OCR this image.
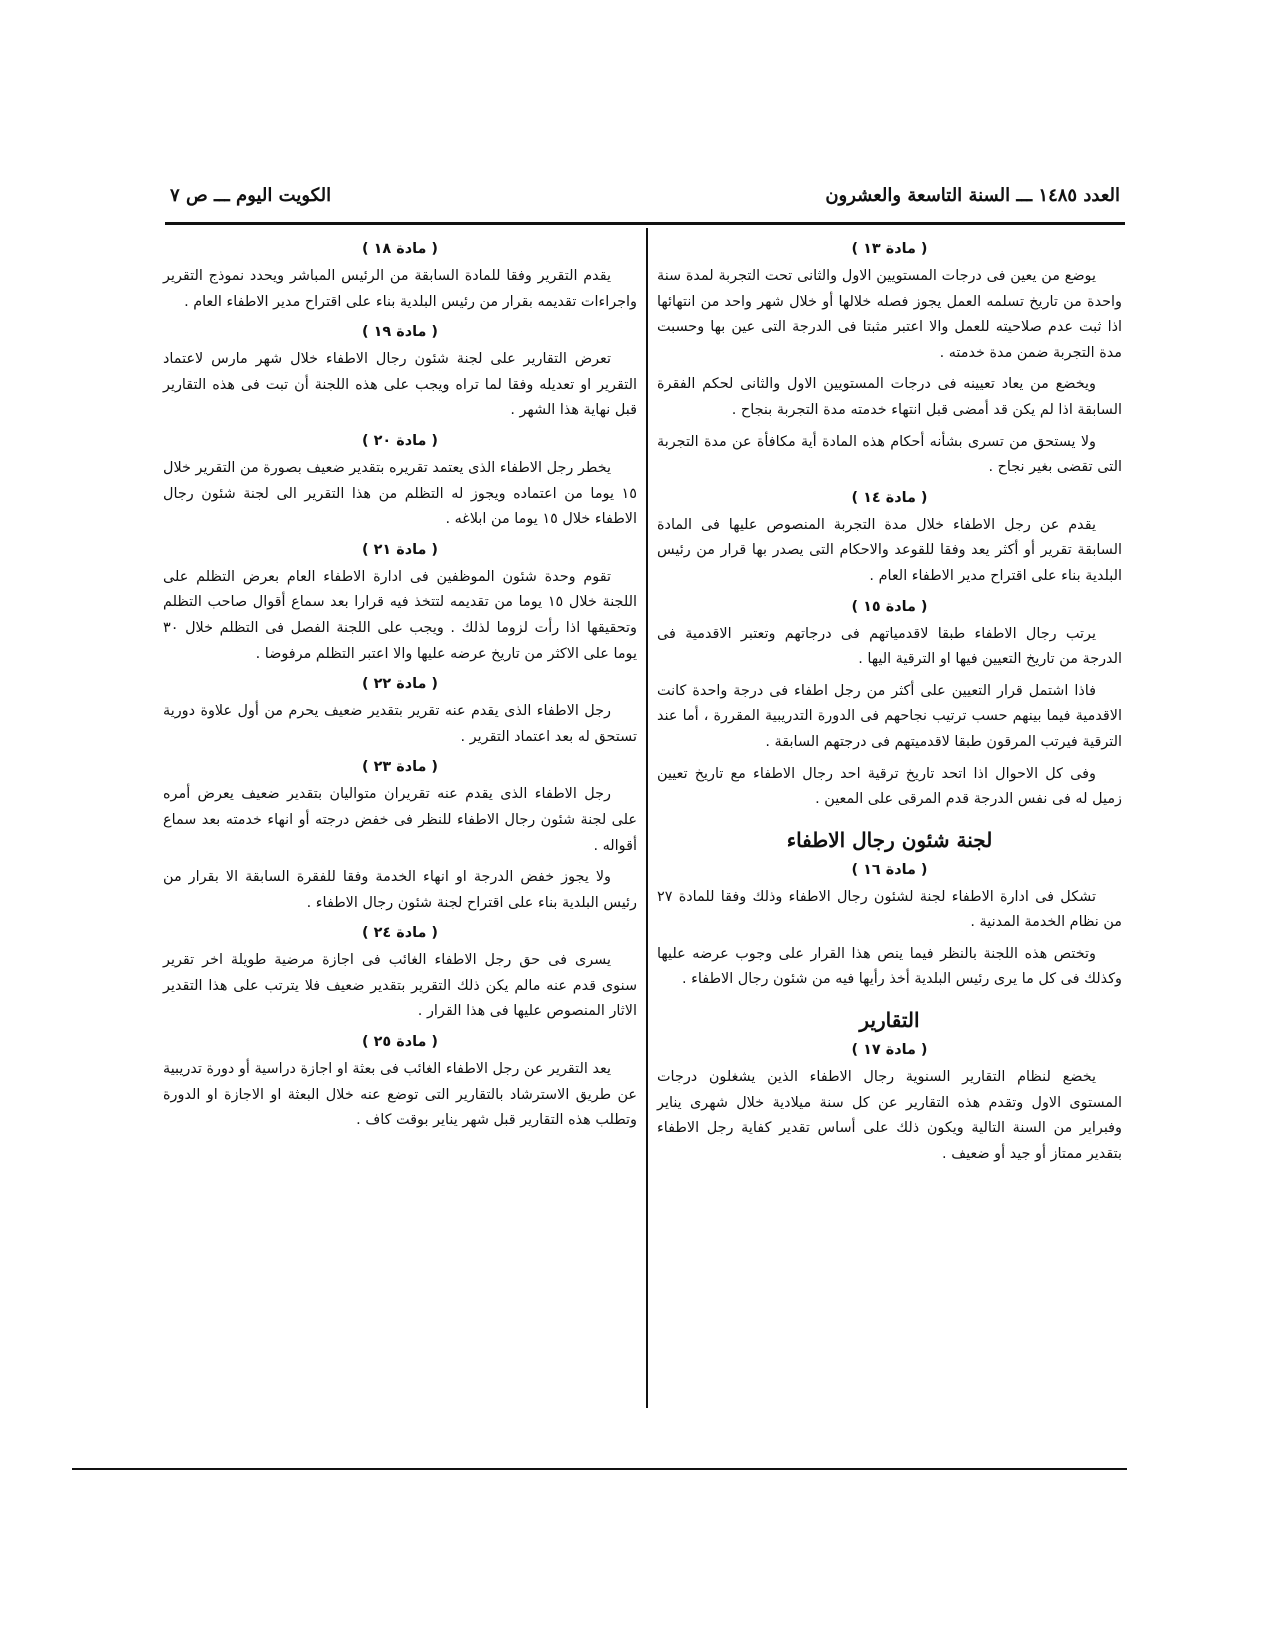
العدد ١٤٨٥ ـــ السنة التاسعة والعشرون
الكويت اليوم ـــ ص ٧
( مادة ١٣ )

يوضع من يعين فى درجات المستويين الاول والثانى تحت التجربة لمدة سنة واحدة من تاريخ تسلمه العمل يجوز فصله خلالها أو خلال شهر واحد من انتهائها اذا ثبت عدم صلاحيته للعمل والا اعتبر مثبتا فى الدرجة التى عين بها وحسبت مدة التجربة ضمن مدة خدمته .

ويخضع من يعاد تعيينه فى درجات المستويين الاول والثانى لحكم الفقرة السابقة اذا لم يكن قد أمضى قبل انتهاء خدمته مدة التجربة بنجاح .

ولا يستحق من تسرى بشأنه أحكام هذه المادة أية مكافأة عن مدة التجربة التى تقضى بغير نجاح .

( مادة ١٤ )

يقدم عن رجل الاطفاء خلال مدة التجربة المنصوص عليها فى المادة السابقة تقرير أو أكثر يعد وفقا للقوعد والاحكام التى يصدر بها قرار من رئيس البلدية بناء على اقتراح مدير الاطفاء العام .

( مادة ١٥ )

يرتب رجال الاطفاء طبقا لاقدمياتهم فى درجاتهم وتعتبر الاقدمية فى الدرجة من تاريخ التعيين فيها او الترقية اليها .

فاذا اشتمل قرار التعيين على أكثر من رجل اطفاء فى درجة واحدة كانت الاقدمية فيما بينهم حسب ترتيب نجاحهم فى الدورة التدريبية المقررة ، أما عند الترقية فيرتب المرقون طبقا لاقدميتهم فى درجتهم السابقة .

وفى كل الاحوال اذا اتحد تاريخ ترقية احد رجال الاطفاء مع تاريخ تعيين زميل له فى نفس الدرجة قدم المرقى على المعين .

لجنة شئون رجال الاطفاء
( مادة ١٦ )

تشكل فى ادارة الاطفاء لجنة لشئون رجال الاطفاء وذلك وفقا للمادة ٢٧ من نظام الخدمة المدنية .

وتختص هذه اللجنة بالنظر فيما ينص هذا القرار على وجوب عرضه عليها وكذلك فى كل ما يرى رئيس البلدية أخذ رأيها فيه من شئون رجال الاطفاء .

التقارير
( مادة ١٧ )

يخضع لنظام التقارير السنوية رجال الاطفاء الذين يشغلون درجات المستوى الاول وتقدم هذه التقارير عن كل سنة ميلادية خلال شهرى يناير وفبراير من السنة التالية ويكون ذلك على أساس تقدير كفاية رجل الاطفاء بتقدير ممتاز أو جيد أو ضعيف .

( مادة ١٨ )

يقدم التقرير وفقا للمادة السابقة من الرئيس المباشر ويحدد نموذج التقرير واجراءات تقديمه بقرار من رئيس البلدية بناء على اقتراح مدير الاطفاء العام .

( مادة ١٩ )

تعرض التقارير على لجنة شئون رجال الاطفاء خلال شهر مارس لاعتماد التقرير او تعديله وفقا لما تراه ويجب على هذه اللجنة أن تبت فى هذه التقارير قبل نهاية هذا الشهر .

( مادة ٢٠ )

يخطر رجل الاطفاء الذى يعتمد تقريره بتقدير ضعيف بصورة من التقرير خلال ١٥ يوما من اعتماده ويجوز له التظلم من هذا التقرير الى لجنة شئون رجال الاطفاء خلال ١٥ يوما من ابلاغه .

( مادة ٢١ )

تقوم وحدة شئون الموظفين فى ادارة الاطفاء العام بعرض التظلم على اللجنة خلال ١٥ يوما من تقديمه لتتخذ فيه قرارا بعد سماع أقوال صاحب التظلم وتحقيقها اذا رأت لزوما لذلك . ويجب على اللجنة الفصل فى التظلم خلال ٣٠ يوما على الاكثر من تاريخ عرضه عليها والا اعتبر التظلم مرفوضا .

( مادة ٢٢ )

رجل الاطفاء الذى يقدم عنه تقرير بتقدير ضعيف يحرم من أول علاوة دورية تستحق له بعد اعتماد التقرير .

( مادة ٢٣ )

رجل الاطفاء الذى يقدم عنه تقريران متواليان بتقدير ضعيف يعرض أمره على لجنة شئون رجال الاطفاء للنظر فى خفض درجته أو انهاء خدمته بعد سماع أقواله .

ولا يجوز خفض الدرجة او انهاء الخدمة وفقا للفقرة السابقة الا بقرار من رئيس البلدية بناء على اقتراح لجنة شئون رجال الاطفاء .

( مادة ٢٤ )

يسرى فى حق رجل الاطفاء الغائب فى اجازة مرضية طويلة اخر تقرير سنوى قدم عنه مالم يكن ذلك التقرير بتقدير ضعيف فلا يترتب على هذا التقدير الاثار المنصوص عليها فى هذا القرار .

( مادة ٢٥ )

يعد التقرير عن رجل الاطفاء الغائب فى بعثة او اجازة دراسية أو دورة تدريبية عن طريق الاسترشاد بالتقارير التى توضع عنه خلال البعثة او الاجازة او الدورة وتطلب هذه التقارير قبل شهر يناير بوقت كاف .
